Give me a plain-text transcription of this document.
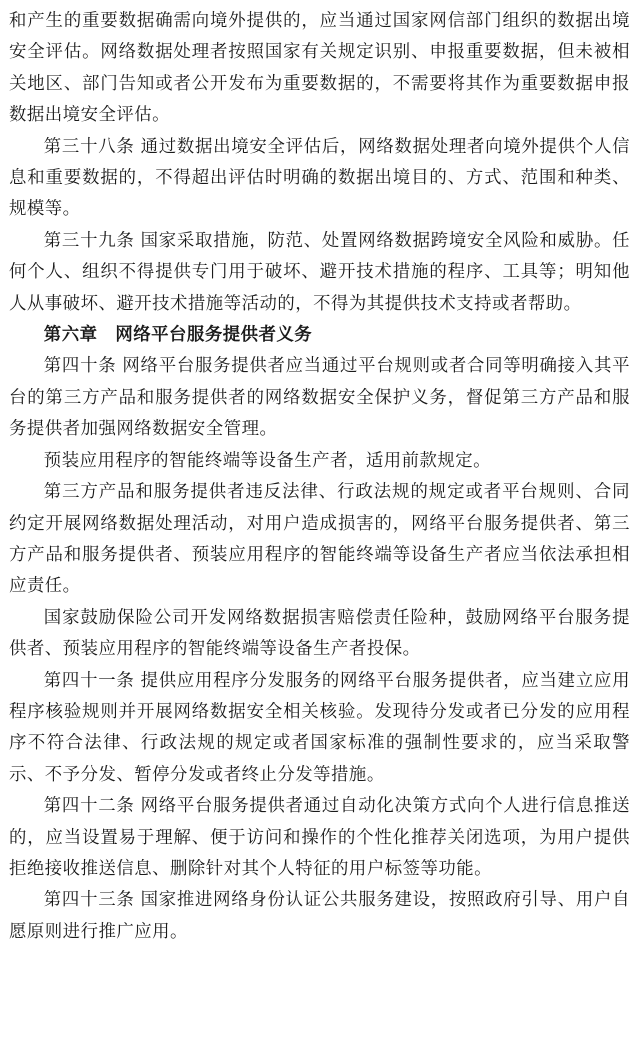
和产生的重要数据确需向境外提供的，应当通过国家网信部门组织的数据出境安全评估。网络数据处理者按照国家有关规定识别、申报重要数据，但未被相关地区、部门告知或者公开发布为重要数据的，不需要将其作为重要数据申报数据出境安全评估。

第三十八条 通过数据出境安全评估后，网络数据处理者向境外提供个人信息和重要数据的，不得超出评估时明确的数据出境目的、方式、范围和种类、规模等。

第三十九条 国家采取措施，防范、处置网络数据跨境安全风险和威胁。任何个人、组织不得提供专门用于破坏、避开技术措施的程序、工具等；明知他人从事破坏、避开技术措施等活动的，不得为其提供技术支持或者帮助。

第六章　网络平台服务提供者义务

第四十条 网络平台服务提供者应当通过平台规则或者合同等明确接入其平台的第三方产品和服务提供者的网络数据安全保护义务，督促第三方产品和服务提供者加强网络数据安全管理。

预装应用程序的智能终端等设备生产者，适用前款规定。

第三方产品和服务提供者违反法律、行政法规的规定或者平台规则、合同约定开展网络数据处理活动，对用户造成损害的，网络平台服务提供者、第三方产品和服务提供者、预装应用程序的智能终端等设备生产者应当依法承担相应责任。

国家鼓励保险公司开发网络数据损害赔偿责任险种，鼓励网络平台服务提供者、预装应用程序的智能终端等设备生产者投保。

第四十一条 提供应用程序分发服务的网络平台服务提供者，应当建立应用程序核验规则并开展网络数据安全相关核验。发现待分发或者已分发的应用程序不符合法律、行政法规的规定或者国家标准的强制性要求的，应当采取警示、不予分发、暂停分发或者终止分发等措施。

第四十二条 网络平台服务提供者通过自动化决策方式向个人进行信息推送的，应当设置易于理解、便于访问和操作的个性化推荐关闭选项，为用户提供拒绝接收推送信息、删除针对其个人特征的用户标签等功能。

第四十三条 国家推进网络身份认证公共服务建设，按照政府引导、用户自愿原则进行推广应用。
